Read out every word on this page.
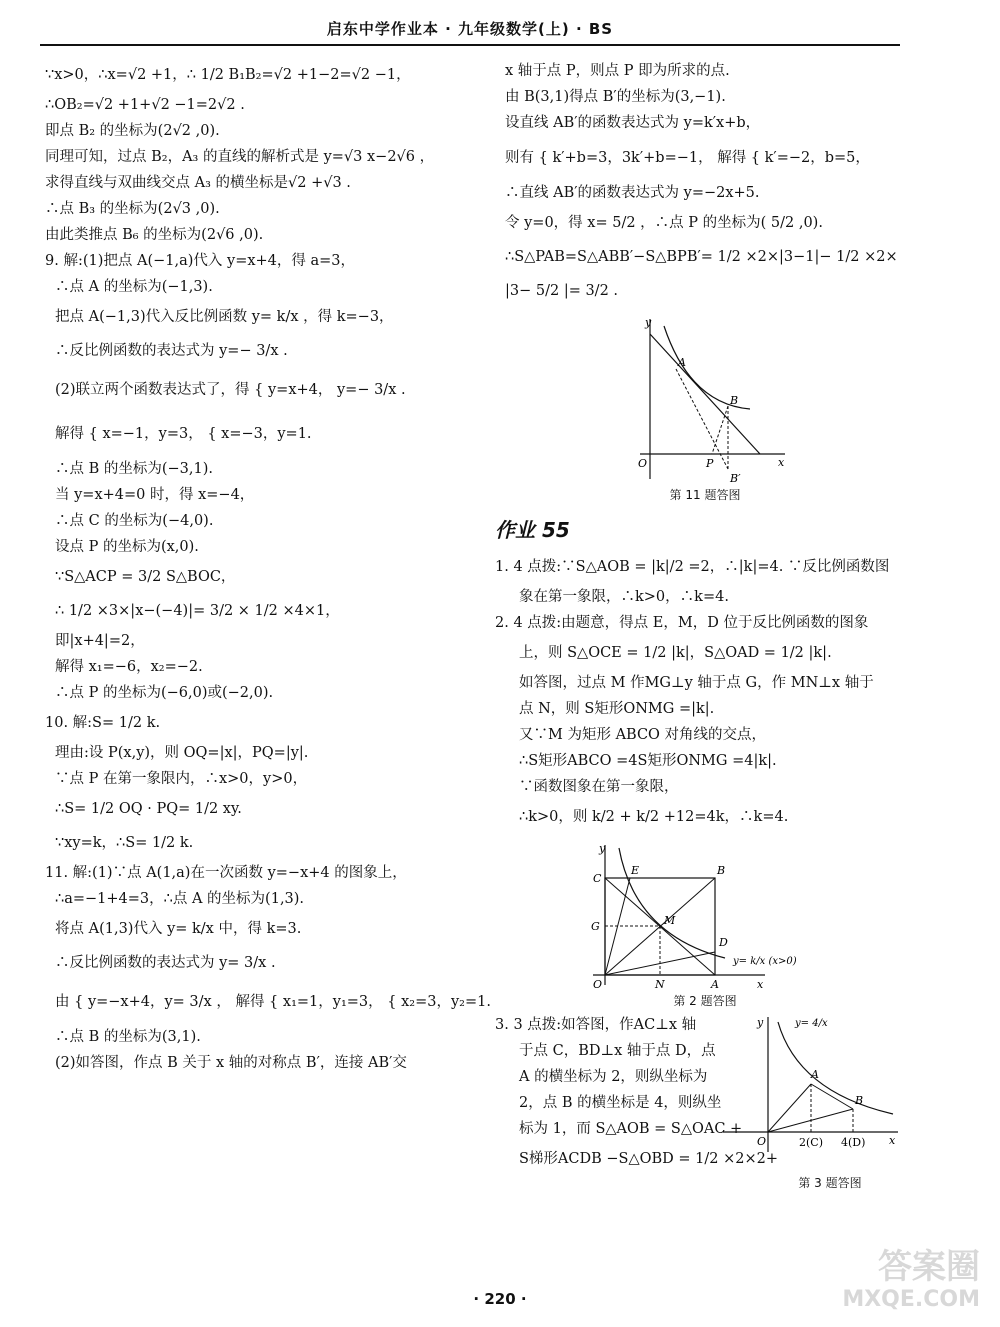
启东中学作业本 · 九年级数学(上) · BS

∵x>0，∴x=√2 +1，∴ 1/2 B₁B₂=√2 +1−2=√2 −1，

∴OB₂=√2 +1+√2 −1=2√2 .

即点 B₂ 的坐标为(2√2 ,0).

同理可知，过点 B₂，A₃ 的直线的解析式是 y=√3 x−2√6 ，

求得直线与双曲线交点 A₃ 的横坐标是√2 +√3 .

∴点 B₃ 的坐标为(2√3 ,0).

由此类推点 B₆ 的坐标为(2√6 ,0).

9. 解:(1)把点 A(−1,a)代入 y=x+4，得 a=3，

∴点 A 的坐标为(−1,3).

把点 A(−1,3)代入反比例函数 y= k/x ，得 k=−3，

∴反比例函数的表达式为 y=− 3/x .

(2)联立两个函数表达式了，得 { y=x+4， y=− 3/x .

解得 { x=−1，y=3， { x=−3，y=1.

∴点 B 的坐标为(−3,1).

当 y=x+4=0 时，得 x=−4，

∴点 C 的坐标为(−4,0).

设点 P 的坐标为(x,0).

∵S△ACP = 3/2 S△BOC，

∴ 1/2 ×3×|x−(−4)|= 3/2 × 1/2 ×4×1，

即|x+4|=2，

解得 x₁=−6，x₂=−2.

∴点 P 的坐标为(−6,0)或(−2,0).

10. 解:S= 1/2 k.

理由:设 P(x,y)，则 OQ=|x|，PQ=|y|.

∵点 P 在第一象限内，∴x>0，y>0，

∴S= 1/2 OQ · PQ= 1/2 xy.

∵xy=k，∴S= 1/2 k.

11. 解:(1)∵点 A(1,a)在一次函数 y=−x+4 的图象上，

∴a=−1+4=3，∴点 A 的坐标为(1,3).

将点 A(1,3)代入 y= k/x 中，得 k=3.

∴反比例函数的表达式为 y= 3/x .

由 { y=−x+4，y= 3/x ， 解得 { x₁=1，y₁=3， { x₂=3，y₂=1.

∴点 B 的坐标为(3,1).

(2)如答图，作点 B 关于 x 轴的对称点 B′，连接 AB′交

x 轴于点 P，则点 P 即为所求的点.

由 B(3,1)得点 B′的坐标为(3,−1).

设直线 AB′的函数表达式为 y=k′x+b，

则有 { k′+b=3，3k′+b=−1， 解得 { k′=−2，b=5，

∴直线 AB′的函数表达式为 y=−2x+5.

令 y=0，得 x= 5/2 ，∴点 P 的坐标为( 5/2 ,0).

∴S△PAB=S△ABB′−S△BPB′= 1/2 ×2×|3−1|− 1/2 ×2×

|3− 5/2 |= 3/2 .

y
x
O
A
B
P
B′
第 11 题答图
作业 55

1. 4 点拨:∵S△AOB = |k|/2 =2，∴|k|=4. ∵反比例函数图

象在第一象限，∴k>0，∴k=4.

2. 4 点拨:由题意，得点 E，M，D 位于反比例函数的图象

上，则 S△OCE = 1/2 |k|，S△OAD = 1/2 |k|.

如答图，过点 M 作MG⊥y 轴于点 G，作 MN⊥x 轴于

点 N，则 S矩形ONMG =|k|.

又∵M 为矩形 ABCO 对角线的交点，

∴S矩形ABCO =4S矩形ONMG =4|k|.

∵函数图象在第一象限，

∴k>0，则 k/2 + k/2 +12=4k，∴k=4.

y
x
O
C
E	B
G	M
D
N	A
y= k/x (x>0)
第 2 题答图

3. 3 点拨:如答图，作AC⊥x 轴

于点 C，BD⊥x 轴于点 D，点

A 的横坐标为 2，则纵坐标为

2，点 B 的横坐标是 4，则纵坐

标为 1，而 S△AOB = S△OAC +

S梯形ACDB −S△OBD = 1/2 ×2×2+

y
x
O
A
B
2(C) 4(D)
y= 4/x
第 3 题答图
· 220 ·
答案圈
MXQE.COM
